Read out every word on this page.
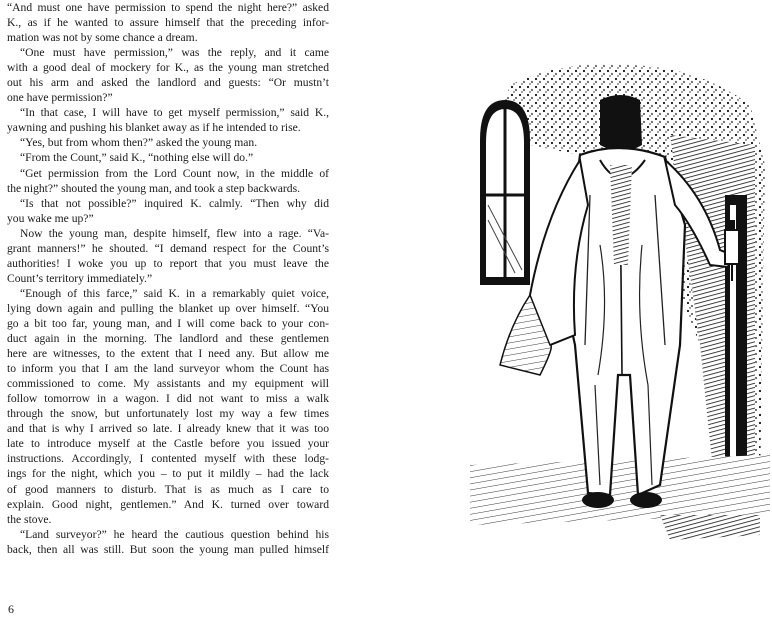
“And must one have permission to spend the night here?” asked
K., as if he wanted to assure himself that the preceding infor-
mation was not by some chance a dream.
“One must have permission,” was the reply, and it came
with a good deal of mockery for K., as the young man stretched
out his arm and asked the landlord and guests: “Or mustn’t
one have permission?”
“In that case, I will have to get myself permission,” said K.,
yawning and pushing his blanket away as if he intended to rise.
“Yes, but from whom then?” asked the young man.
“From the Count,” said K., “nothing else will do.”
“Get permission from the Lord Count now, in the middle of
the night?” shouted the young man, and took a step backwards.
“Is that not possible?” inquired K. calmly. “Then why did
you wake me up?”
Now the young man, despite himself, flew into a rage. “Va-
grant manners!” he shouted. “I demand respect for the Count’s
authorities! I woke you up to report that you must leave the
Count’s territory immediately.”
“Enough of this farce,” said K. in a remarkably quiet voice,
lying down again and pulling the blanket up over himself. “You
go a bit too far, young man, and I will come back to your con-
duct again in the morning. The landlord and these gentlemen
here are witnesses, to the extent that I need any. But allow me
to inform you that I am the land surveyor whom the Count has
commissioned to come. My assistants and my equipment will
follow tomorrow in a wagon. I did not want to miss a walk
through the snow, but unfortunately lost my way a few times
and that is why I arrived so late. I already knew that it was too
late to introduce myself at the Castle before you issued your
instructions. Accordingly, I contented myself with these lodg-
ings for the night, which you – to put it mildly – had the lack
of good manners to disturb. That is as much as I care to
explain. Good night, gentlemen.” And K. turned over toward
the stove.
“Land surveyor?” he heard the cautious question behind his
back, then all was still. But soon the young man pulled himself
6
